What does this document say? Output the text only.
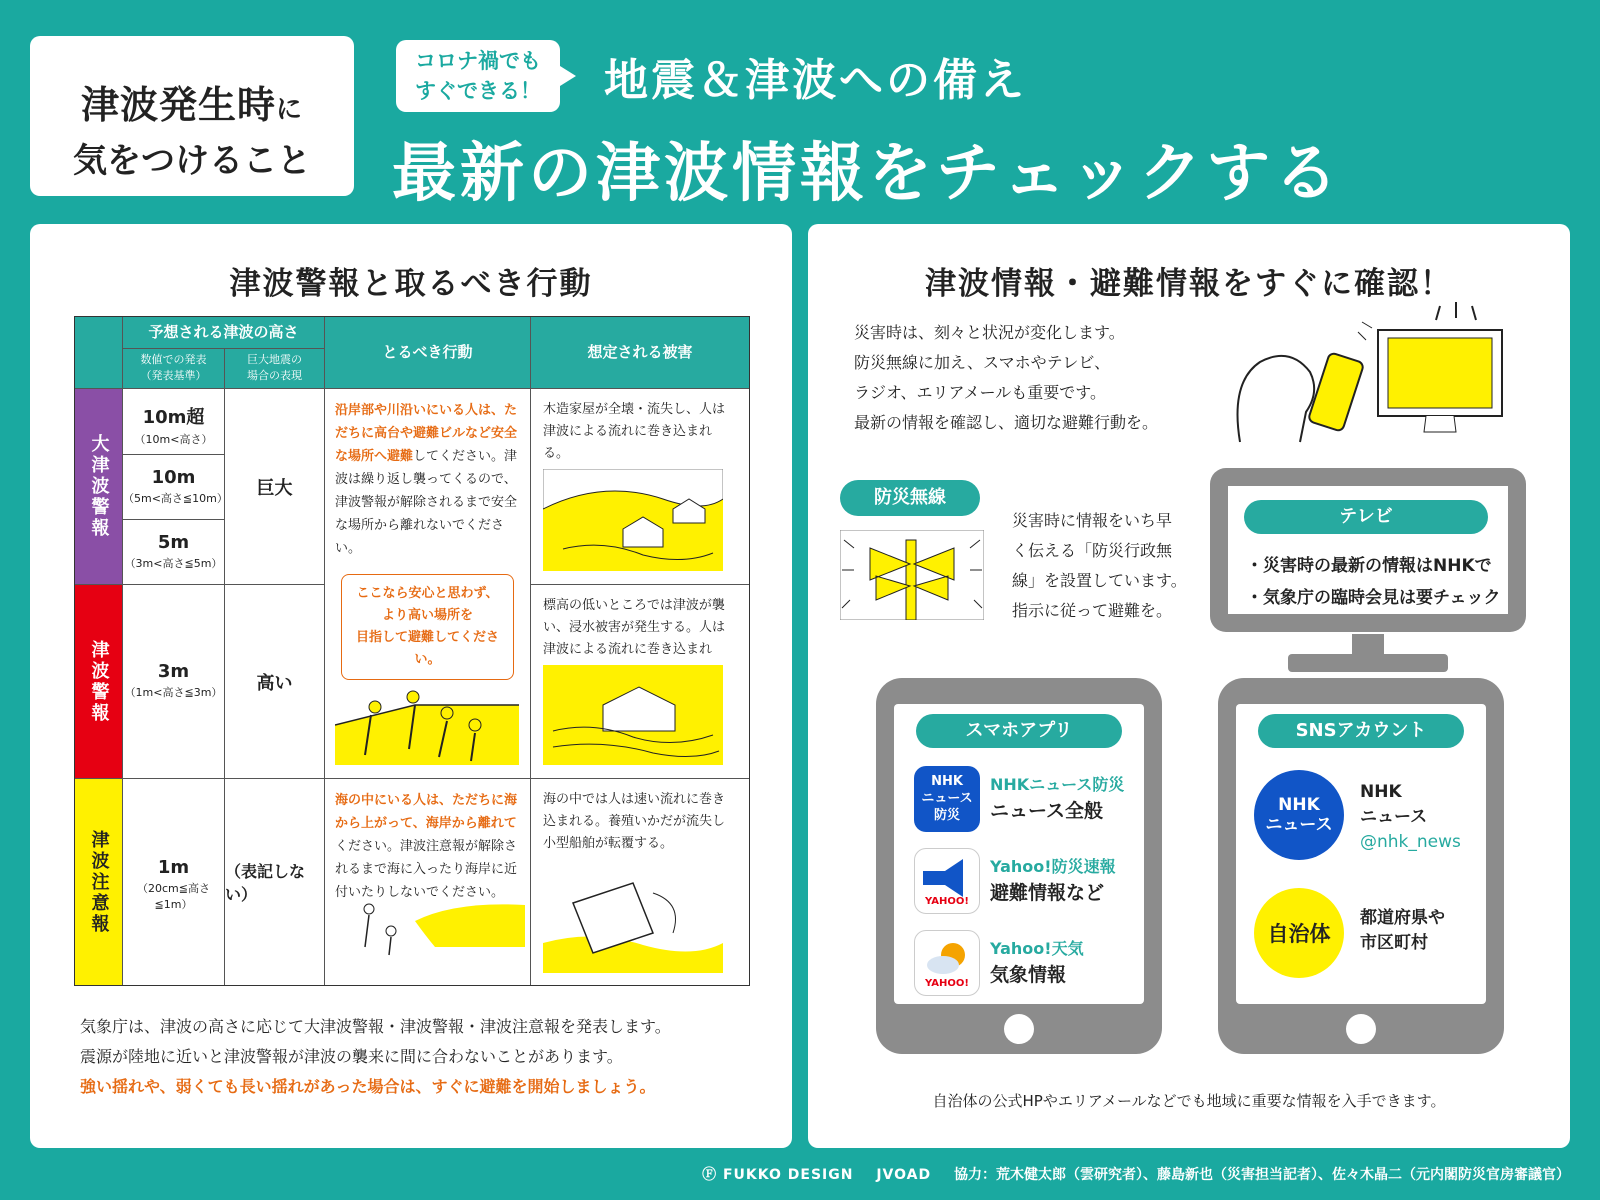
津波発生時に
気をつけること
コロナ禍でも
すぐできる！	地震＆津波への備え
最新の津波情報をチェックする
津波警報と取るべき行動
予想される津波の高さ
数値での発表
（発表基準）
巨大地震の
場合の表現
とるべき行動	想定される被害
大津波警報
津波警報
津波注意報
10m超
（10m<高さ）
10m
（5m<高さ≦10m）
5m
（3m<高さ≦5m）
3m
（1m<高さ≦3m）
1m
（20cm≦高さ≦1m）
巨大
高い
（表記しない）
沿岸部や川沿いにいる人は、ただちに高台や避難ビルなど安全な場所へ避難してください。津波は繰り返し襲ってくるので、津波警報が解除されるまで安全な場所から離れないでください。
ここなら安心と思わず、
より高い場所を
目指して避難してください。
海の中にいる人は、ただちに海から上がって、海岸から離れてください。津波注意報が解除されるまで海に入ったり海岸に近付いたりしないでください。
木造家屋が全壊・流失し、人は津波による流れに巻き込まれる。
標高の低いところでは津波が襲い、浸水被害が発生する。人は津波による流れに巻き込まれ
海の中では人は速い流れに巻き込まれる。養殖いかだが流失し小型船舶が転覆する。
気象庁は、津波の高さに応じて大津波警報・津波警報・津波注意報を発表します。
震源が陸地に近いと津波警報が津波の襲来に間に合わないことがあります。
強い揺れや、弱くても長い揺れがあった場合は、すぐに避難を開始しましょう。
津波情報・避難情報をすぐに確認！
災害時は、刻々と状況が変化します。
防災無線に加え、スマホやテレビ、
ラジオ、エリアメールも重要です。
最新の情報を確認し、適切な避難行動を。
防災無線
災害時に情報をいち早
く伝える「防災行政無
線」を設置しています。
指示に従って避難を。
テレビ
・災害時の最新の情報はNHKで
・気象庁の臨時会見は要チェック
スマホアプリ
NHK
ニュース
防災
NHKニュース防災
ニュース全般
YAHOO!
Yahoo!防災速報
避難情報など
YAHOO!
Yahoo!天気
気象情報
SNSアカウント
NHK
ニュース
NHK
ニュース
@nhk_news
自治体
都道府県や
市区町村
自治体の公式HPやエリアメールなどでも地域に重要な情報を入手できます。
Ⓕ FUKKO DESIGN JVOAD 協力：荒木健太郎（雲研究者）、藤島新也（災害担当記者）、佐々木晶二（元内閣防災官房審議官）
